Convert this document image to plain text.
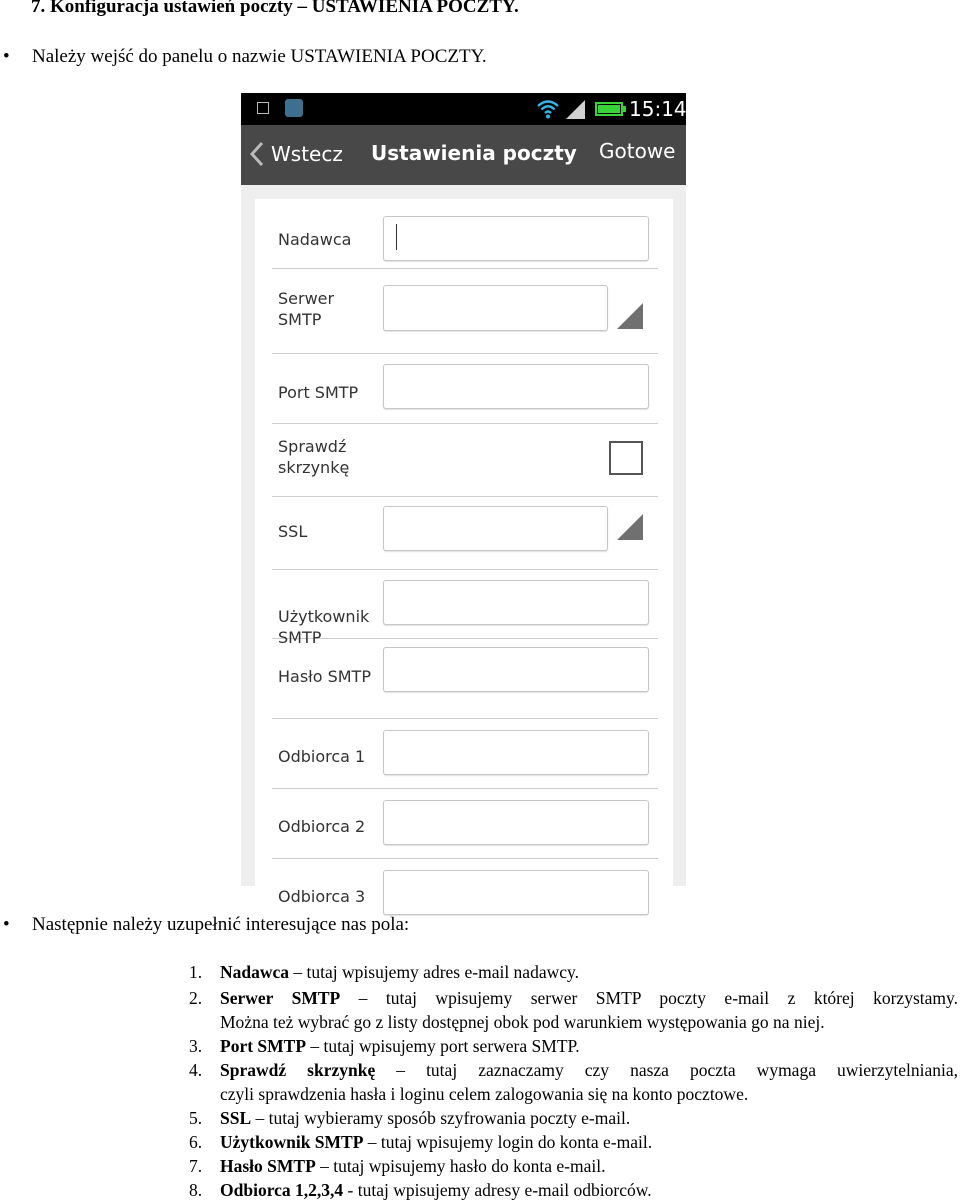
7. Konfiguracja ustawień poczty – USTAWIENIA POCZTY.
• Należy wejść do panelu o nazwie USTAWIENIA POCZTY.
15:14
Wstecz Ustawienia poczty Gotowe
Nadawca
Serwer
SMTP
Port SMTP
Sprawdź
skrzynkę
SSL
Użytkownik
SMTP
Hasło SMTP
Odbiorca 1
Odbiorca 2
Odbiorca 3
• Następnie należy uzupełnić interesujące nas pola:
1. Nadawca – tutaj wpisujemy adres e-mail nadawcy.
2. Serwer SMTP – tutaj wpisujemy serwer SMTP poczty e-mail z której korzystamy.
Można też wybrać go z listy dostępnej obok pod warunkiem występowania go na niej.
3. Port SMTP – tutaj wpisujemy port serwera SMTP.
4. Sprawdź skrzynkę – tutaj zaznaczamy czy nasza poczta wymaga uwierzytelniania,
czyli sprawdzenia hasła i loginu celem zalogowania się na konto pocztowe.
5. SSL – tutaj wybieramy sposób szyfrowania poczty e-mail.
6. Użytkownik SMTP – tutaj wpisujemy login do konta e-mail.
7. Hasło SMTP – tutaj wpisujemy hasło do konta e-mail.
8. Odbiorca 1,2,3,4 - tutaj wpisujemy adresy e-mail odbiorców.
